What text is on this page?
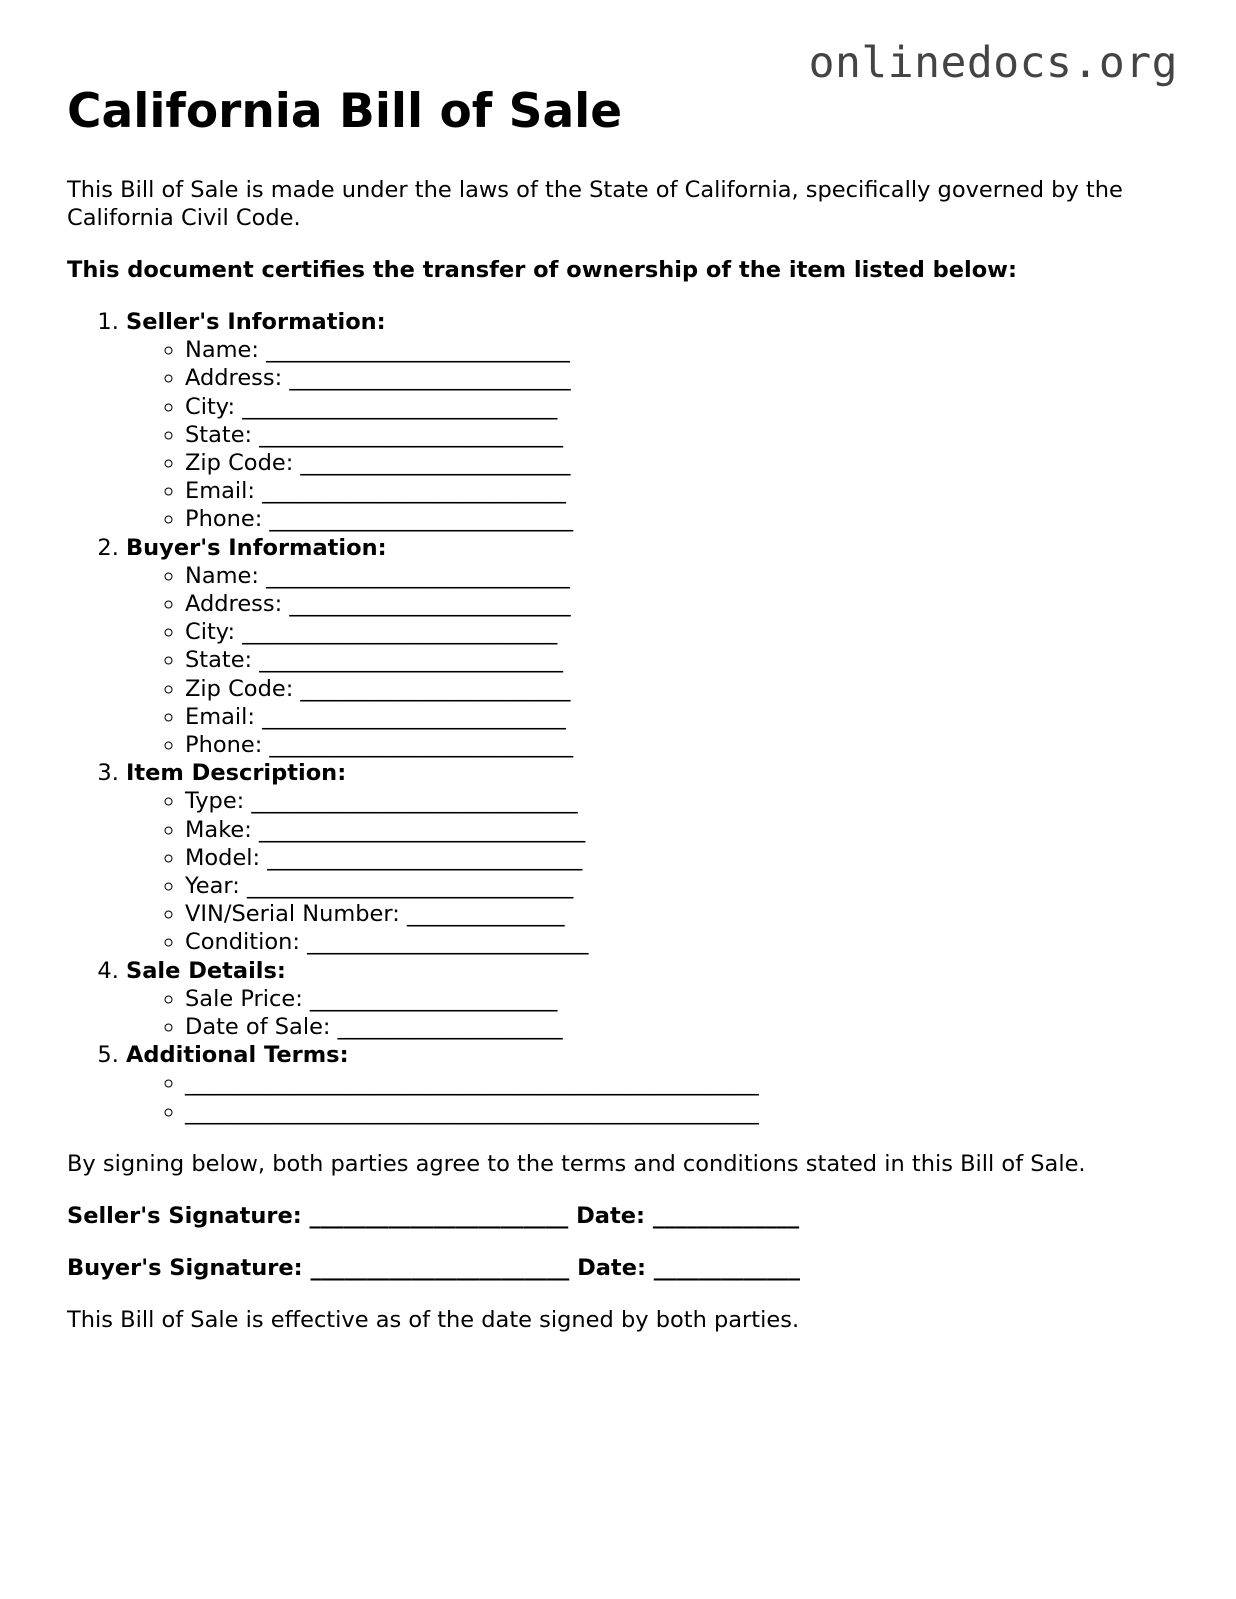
onlinedocs.org
California Bill of Sale

This Bill of Sale is made under the laws of the State of California, specifically governed by the California Civil Code.

This document certifies the transfer of ownership of the item listed below:

1. Seller's Information:
◦ Name: ___________________________
◦ Address: _________________________
◦ City: ____________________________
◦ State: ___________________________
◦ Zip Code: ________________________
◦ Email: ___________________________
◦ Phone: ___________________________
2. Buyer's Information:
◦ Name: ___________________________
◦ Address: _________________________
◦ City: ____________________________
◦ State: ___________________________
◦ Zip Code: ________________________
◦ Email: ___________________________
◦ Phone: ___________________________
3. Item Description:
◦ Type: _____________________________
◦ Make: _____________________________
◦ Model: ____________________________
◦ Year: _____________________________
◦ VIN/Serial Number: ______________
◦ Condition: _________________________
4. Sale Details:
◦ Sale Price: ______________________
◦ Date of Sale: ____________________
5. Additional Terms:
◦ ___________________________________________________
◦ ___________________________________________________

By signing below, both parties agree to the terms and conditions stated in this Bill of Sale.

Seller's Signature: _______________________ Date: _____________

Buyer's Signature: _______________________ Date: _____________

This Bill of Sale is effective as of the date signed by both parties.
